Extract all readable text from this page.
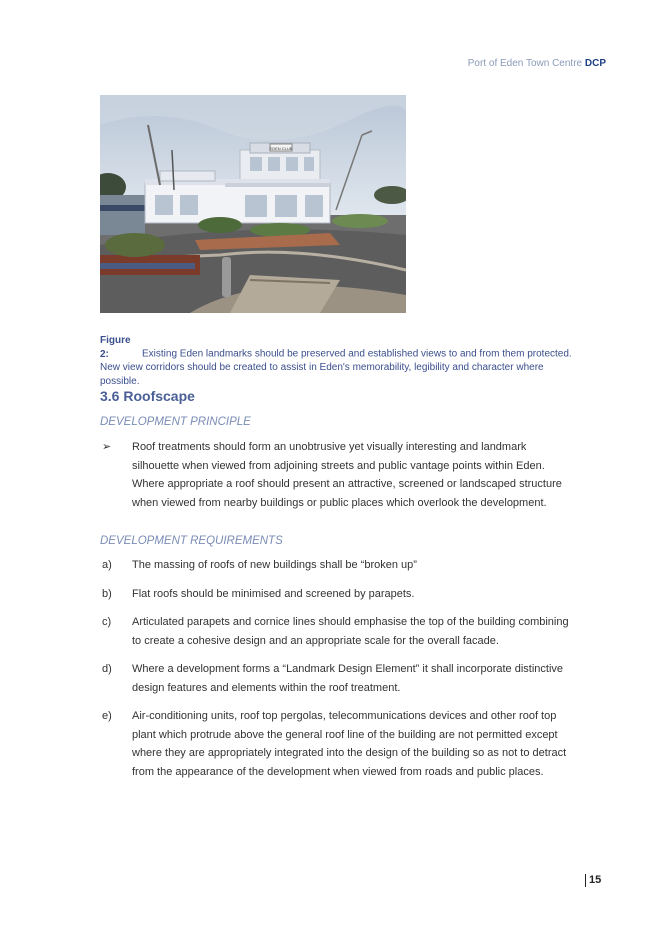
Port of Eden Town Centre DCP
EDEN CLUB
Figure 2:	Existing Eden landmarks should be preserved and established views to and from them protected. New view corridors should be created to assist in Eden's memorability, legibility and character where possible.
3.6 Roofscape
DEVELOPMENT PRINCIPLE
➢	Roof treatments should form an unobtrusive yet visually interesting and landmark silhouette when viewed from adjoining streets and public vantage points within Eden. Where appropriate a roof should present an attractive, screened or landscaped structure when viewed from nearby buildings or public places which overlook the development.
DEVELOPMENT REQUIREMENTS
a) The massing of roofs of new buildings shall be “broken up”
b) Flat roofs should be minimised and screened by parapets.
c) Articulated parapets and cornice lines should emphasise the top of the building combining to create a cohesive design and an appropriate scale for the overall facade.
d) Where a development forms a “Landmark Design Element” it shall incorporate distinctive design features and elements within the roof treatment.
e) Air-conditioning units, roof top pergolas, telecommunications devices and other roof top plant which protrude above the general roof line of the building are not permitted except where they are appropriately integrated into the design of the building so as not to detract from the appearance of the development when viewed from roads and public places.
15
